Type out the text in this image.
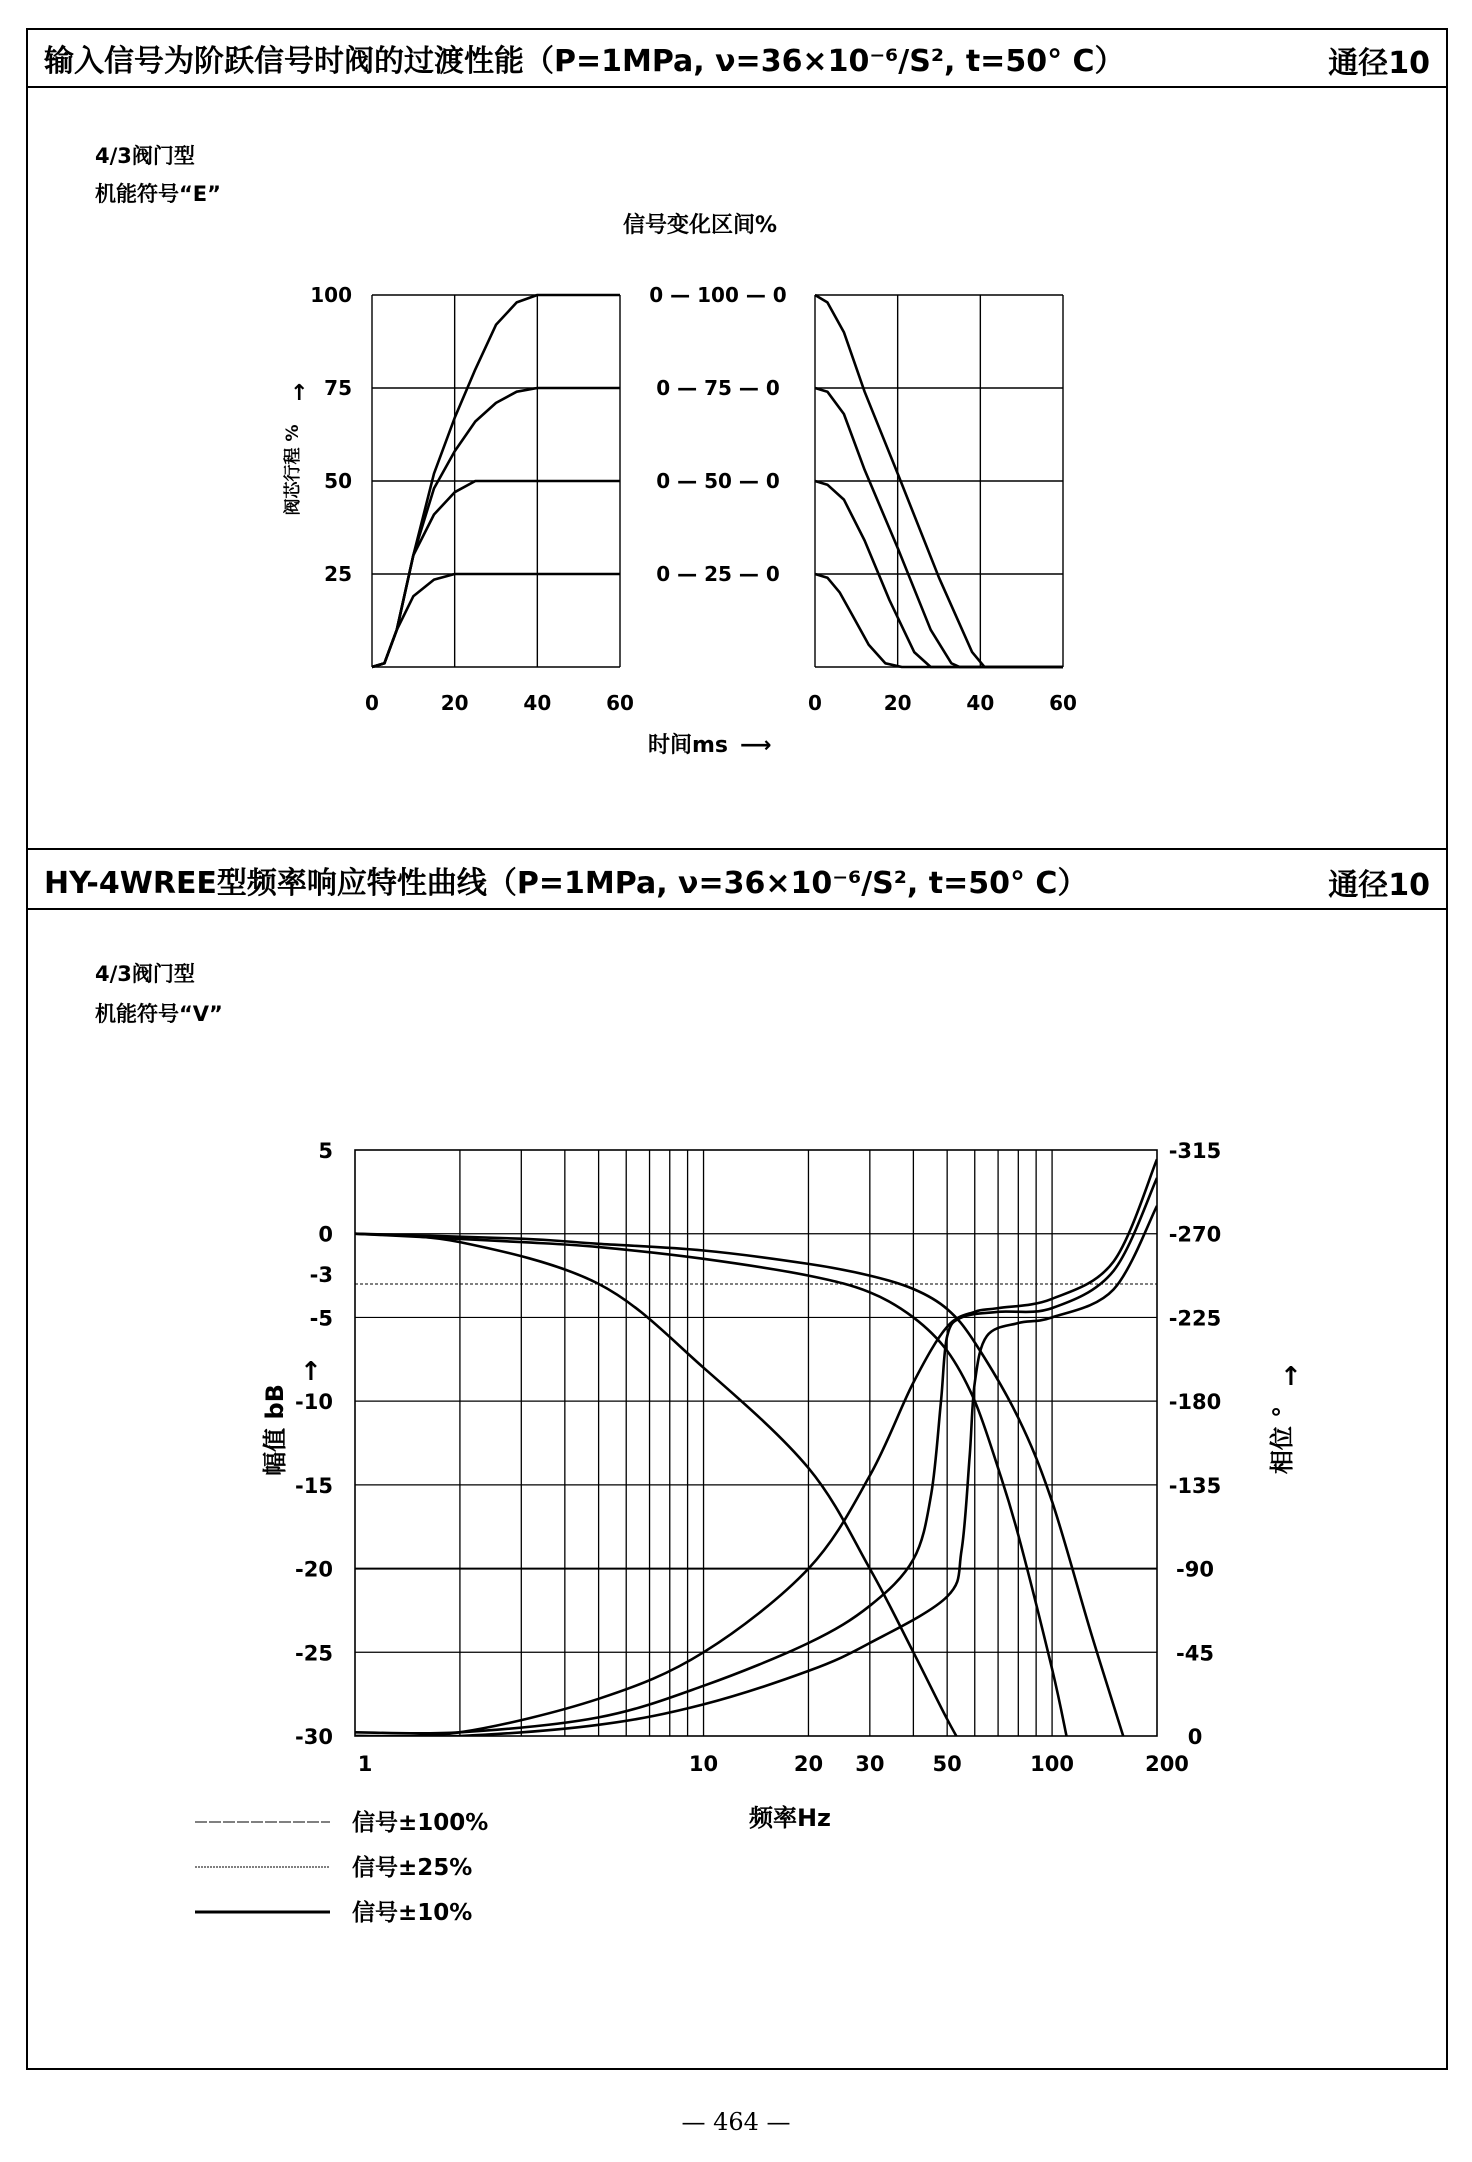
输入信号为阶跃信号时阀的过渡性能（P=1MPa, ν=36×10⁻⁶/S², t=50° C）	通径10
4/3阀门型
机能符号“E”
HY-4WREE型频率响应特性曲线（P=1MPa, ν=36×10⁻⁶/S², t=50° C）	通径10
4/3阀门型
机能符号“V”
信号变化区间%
0	20	40	60
100
75
50
25
0	20	40	60
0 — 100 — 0
0 — 75 — 0
0 — 50 — 0
0 — 25 — 0
阀芯行程 %
↑
时间ms ⟶
5
0
-3
-5
-10
-15
-20
-25
-30
-315
-270
-225
-180
-135
-90
-45
0
1	10	20 30 50	100	200
幅值 bB
↑
相位 °
↑
频率Hz
信号±100%
信号±25%
信号±10%
— 464 —
